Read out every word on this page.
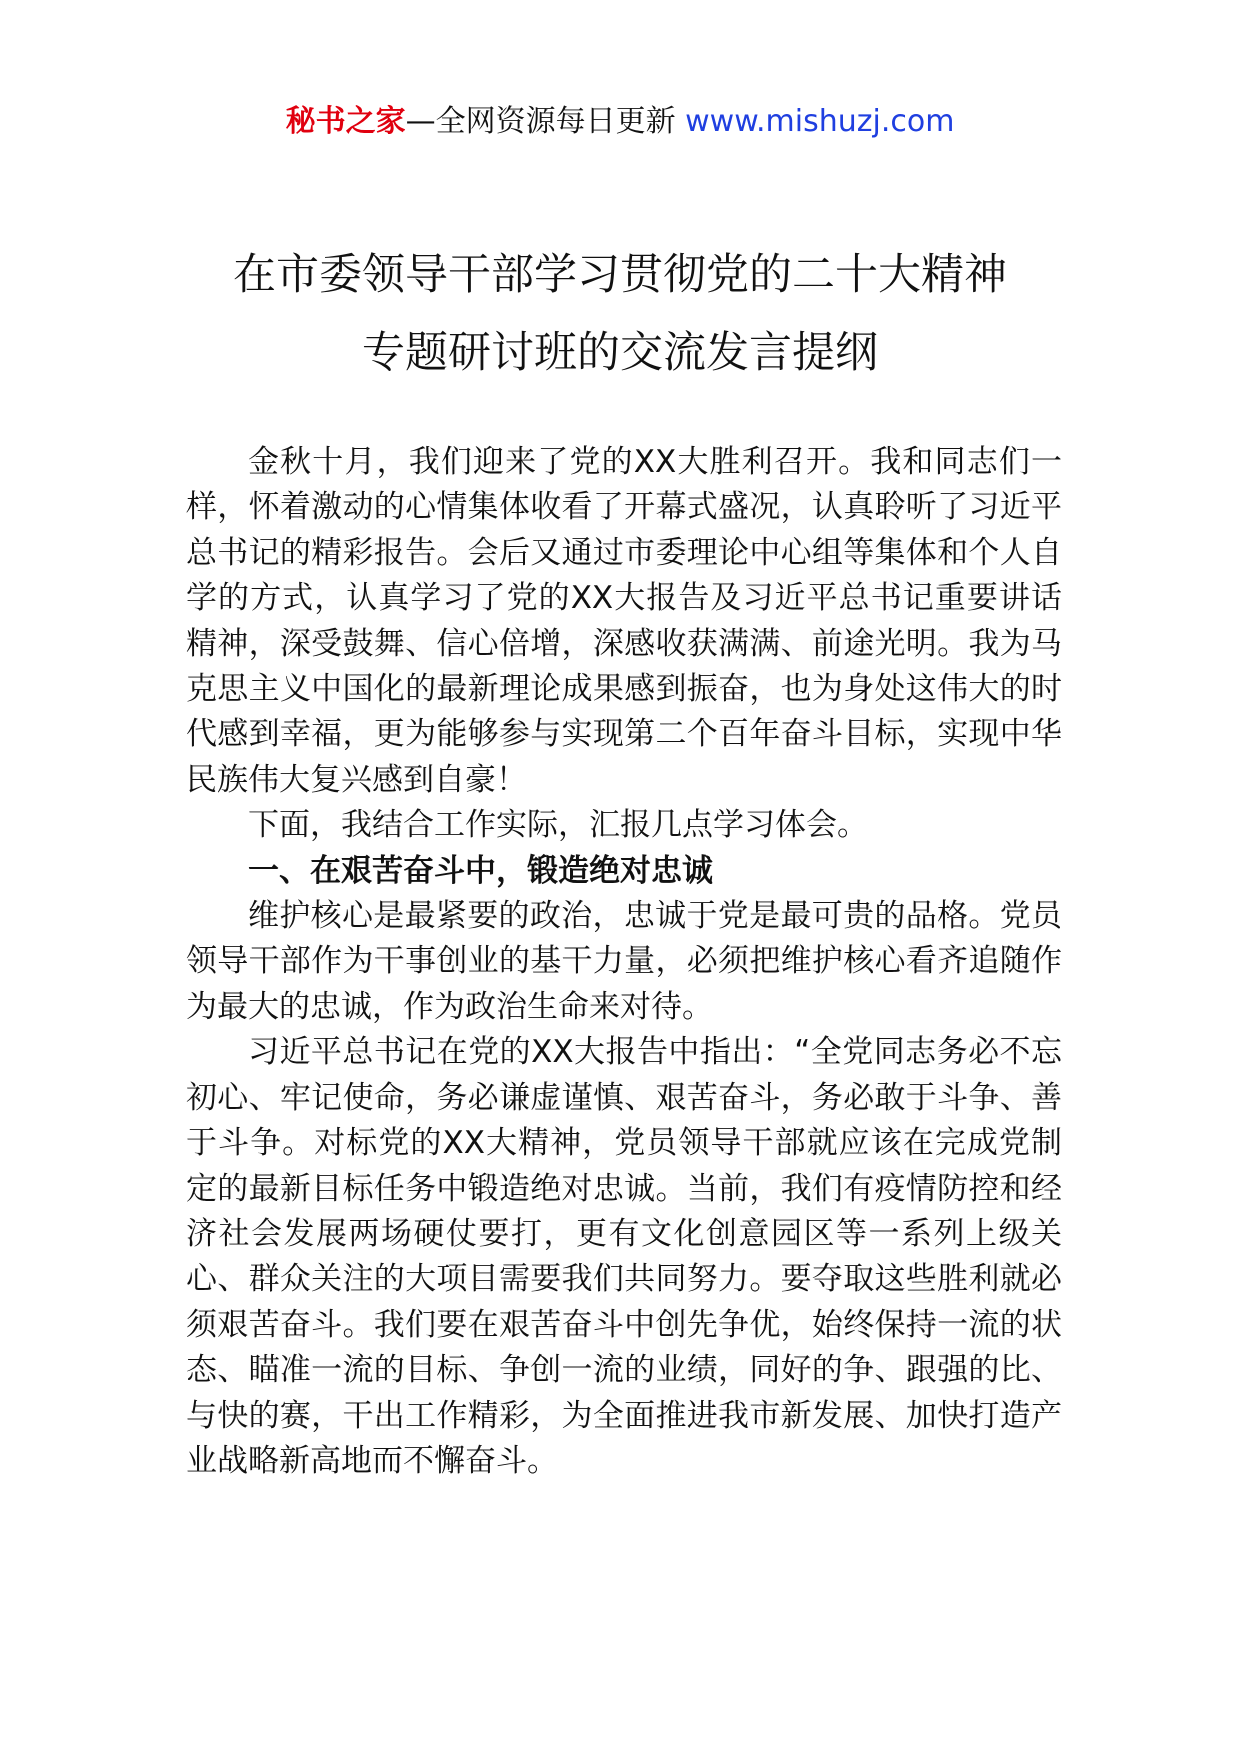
秘书之家—全网资源每日更新 www.mishuzj.com
在市委领导干部学习贯彻党的二十大精神
专题研讨班的交流发言提纲

金秋十月，我们迎来了党的XX大胜利召开。我和同志们一样，怀着激动的心情集体收看了开幕式盛况，认真聆听了习近平总书记的精彩报告。会后又通过市委理论中心组等集体和个人自学的方式，认真学习了党的XX大报告及习近平总书记重要讲话精神，深受鼓舞、信心倍增，深感收获满满、前途光明。我为马克思主义中国化的最新理论成果感到振奋，也为身处这伟大的时代感到幸福，更为能够参与实现第二个百年奋斗目标，实现中华民族伟大复兴感到自豪！

下面，我结合工作实际，汇报几点学习体会。

一、在艰苦奋斗中，锻造绝对忠诚

维护核心是最紧要的政治，忠诚于党是最可贵的品格。党员领导干部作为干事创业的基干力量，必须把维护核心看齐追随作为最大的忠诚，作为政治生命来对待。

习近平总书记在党的XX大报告中指出：“全党同志务必不忘初心、牢记使命，务必谦虚谨慎、艰苦奋斗，务必敢于斗争、善于斗争。对标党的XX大精神，党员领导干部就应该在完成党制定的最新目标任务中锻造绝对忠诚。当前，我们有疫情防控和经济社会发展两场硬仗要打，更有文化创意园区等一系列上级关心、群众关注的大项目需要我们共同努力。要夺取这些胜利就必须艰苦奋斗。我们要在艰苦奋斗中创先争优，始终保持一流的状态、瞄准一流的目标、争创一流的业绩，同好的争、跟强的比、与快的赛，干出工作精彩，为全面推进我市新发展、加快打造产业战略新高地而不懈奋斗。
